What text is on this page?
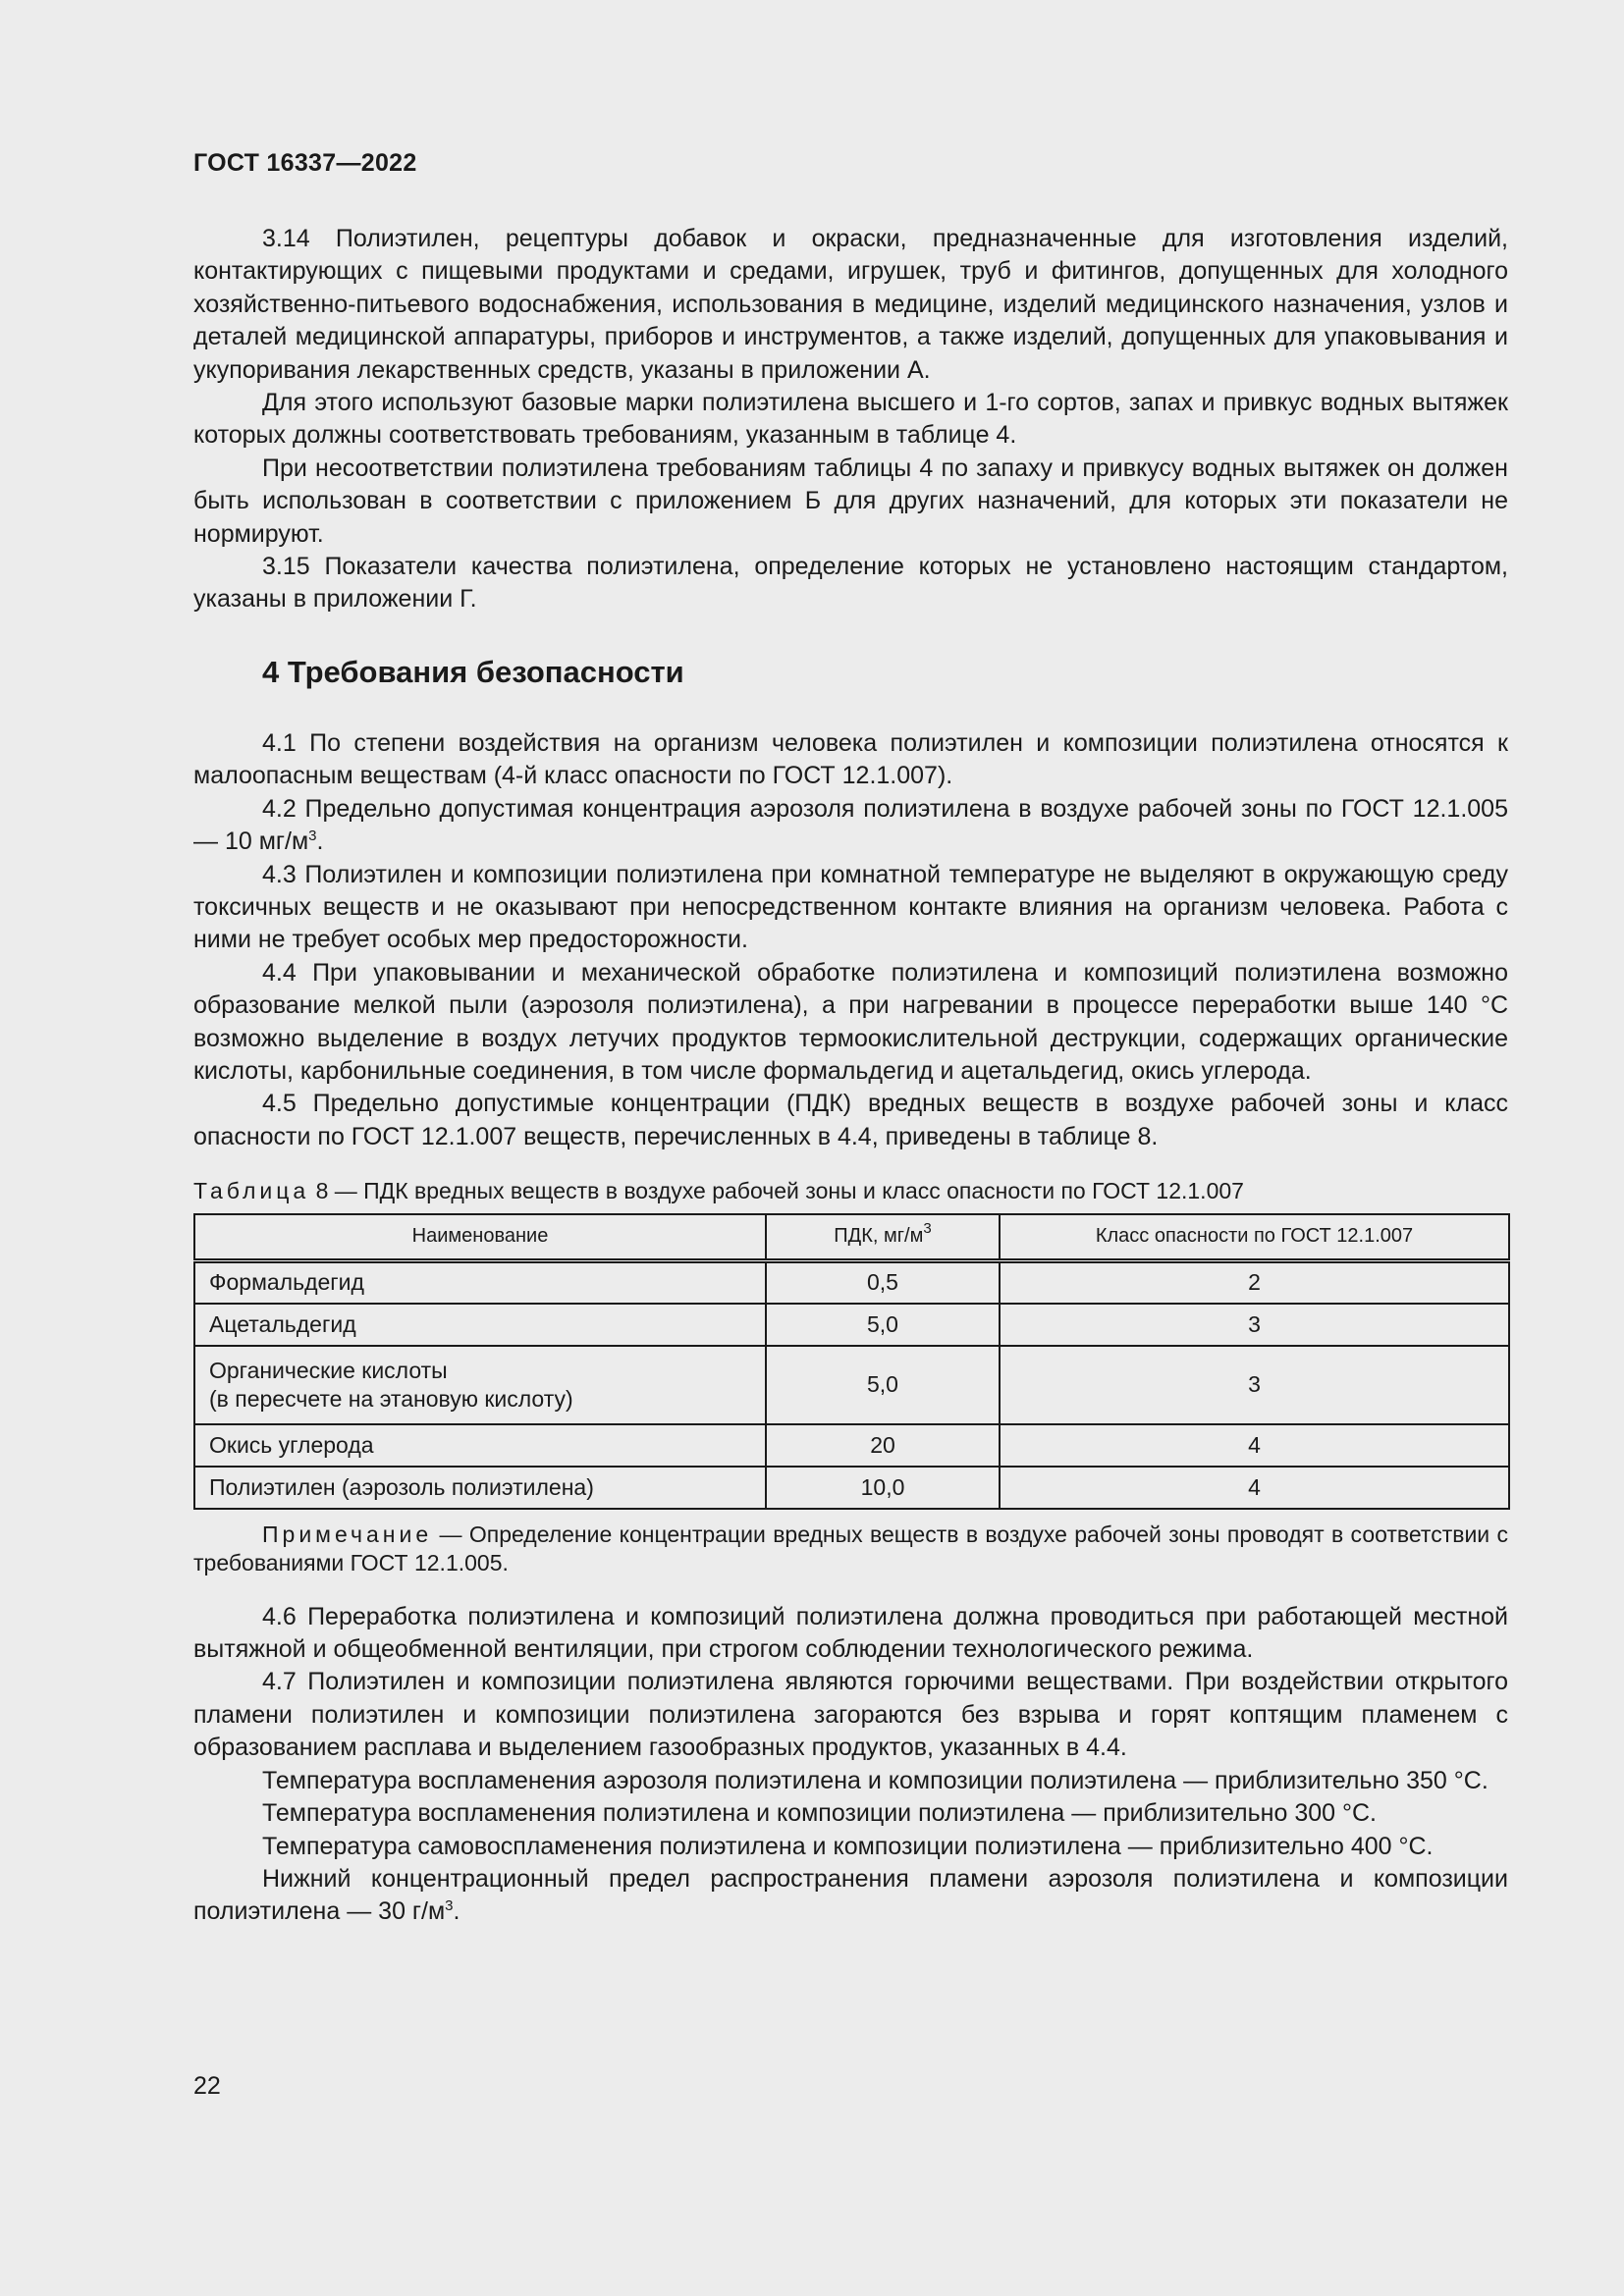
ГОСТ 16337—2022

3.14 Полиэтилен, рецептуры добавок и окраски, предназначенные для изготовления изделий, контактирующих с пищевыми продуктами и средами, игрушек, труб и фитингов, допущенных для холодного хозяйственно-питьевого водоснабжения, использования в медицине, изделий медицинского назначения, узлов и деталей медицинской аппаратуры, приборов и инструментов, а также изделий, допущенных для упаковывания и укупоривания лекарственных средств, указаны в приложении А.

Для этого используют базовые марки полиэтилена высшего и 1-го сортов, запах и привкус водных вытяжек которых должны соответствовать требованиям, указанным в таблице 4.

При несоответствии полиэтилена требованиям таблицы 4 по запаху и привкусу водных вытяжек он должен быть использован в соответствии с приложением Б для других назначений, для которых эти показатели не нормируют.

3.15 Показатели качества полиэтилена, определение которых не установлено настоящим стандартом, указаны в приложении Г.

4 Требования безопасности

4.1 По степени воздействия на организм человека полиэтилен и композиции полиэтилена относятся к малоопасным веществам (4-й класс опасности по ГОСТ 12.1.007).

4.2 Предельно допустимая концентрация аэрозоля полиэтилена в воздухе рабочей зоны по ГОСТ 12.1.005 — 10 $мг/м^3$.

4.3 Полиэтилен и композиции полиэтилена при комнатной температуре не выделяют в окружающую среду токсичных веществ и не оказывают при непосредственном контакте влияния на организм человека. Работа с ними не требует особых мер предосторожности.

4.4 При упаковывании и механической обработке полиэтилена и композиций полиэтилена возможно образование мелкой пыли (аэрозоля полиэтилена), а при нагревании в процессе переработки выше 140 °С возможно выделение в воздух летучих продуктов термоокислительной деструкции, содержащих органические кислоты, карбонильные соединения, в том числе формальдегид и ацетальдегид, окись углерода.

4.5 Предельно допустимые концентрации (ПДК) вредных веществ в воздухе рабочей зоны и класс опасности по ГОСТ 12.1.007 веществ, перечисленных в 4.4, приведены в таблице 8.

Таблица 8 — ПДК вредных веществ в воздухе рабочей зоны и класс опасности по ГОСТ 12.1.007
Наименование	ПДК, $мг/м^3$	Класс опасности по ГОСТ 12.1.007
Формальдегид	0,5	2
Ацетальдегид	5,0	3

Органические кислоты
(в пересчете на этановую кислоту)	5,0	3
Окись углерода	20	4
Полиэтилен (аэрозоль полиэтилена)	10,0	4

Примечание — Определение концентрации вредных веществ в воздухе рабочей зоны проводят в соответствии с требованиями ГОСТ 12.1.005.

4.6 Переработка полиэтилена и композиций полиэтилена должна проводиться при работающей местной вытяжной и общеобменной вентиляции, при строгом соблюдении технологического режима.

4.7 Полиэтилен и композиции полиэтилена являются горючими веществами. При воздействии открытого пламени полиэтилен и композиции полиэтилена загораются без взрыва и горят коптящим пламенем с образованием расплава и выделением газообразных продуктов, указанных в 4.4.

Температура воспламенения аэрозоля полиэтилена и композиции полиэтилена — приблизительно 350 °С.

Температура воспламенения полиэтилена и композиции полиэтилена — приблизительно 300 °С.

Температура самовоспламенения полиэтилена и композиции полиэтилена — приблизительно 400 °С.

Нижний концентрационный предел распространения пламени аэрозоля полиэтилена и композиции полиэтилена — 30 $г/м^3$.

22
